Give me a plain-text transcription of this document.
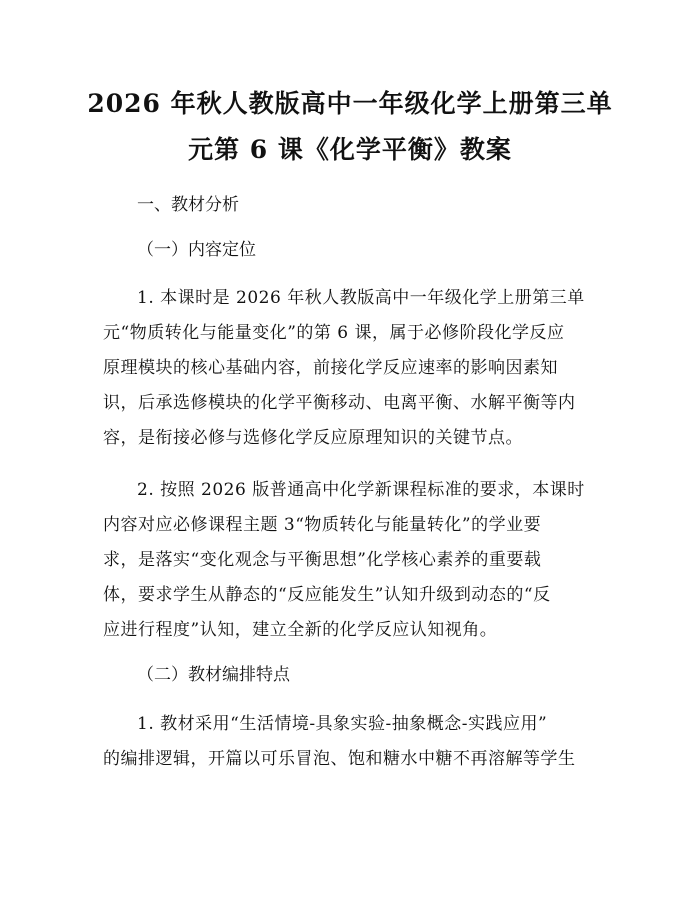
2026 年秋人教版高中一年级化学上册第三单
元第 6 课《化学平衡》教案
一、教材分析
（一）内容定位
1. 本课时是 2026 年秋人教版高中一年级化学上册第三单
元“物质转化与能量变化”的第 6 课，属于必修阶段化学反应
原理模块的核心基础内容，前接化学反应速率的影响因素知
识，后承选修模块的化学平衡移动、电离平衡、水解平衡等内
容，是衔接必修与选修化学反应原理知识的关键节点。
2. 按照 2026 版普通高中化学新课程标准的要求，本课时
内容对应必修课程主题 3“物质转化与能量转化”的学业要
求，是落实“变化观念与平衡思想”化学核心素养的重要载
体，要求学生从静态的“反应能发生”认知升级到动态的“反
应进行程度”认知，建立全新的化学反应认知视角。
（二）教材编排特点
1. 教材采用“生活情境-具象实验-抽象概念-实践应用”
的编排逻辑，开篇以可乐冒泡、饱和糖水中糖不再溶解等学生
